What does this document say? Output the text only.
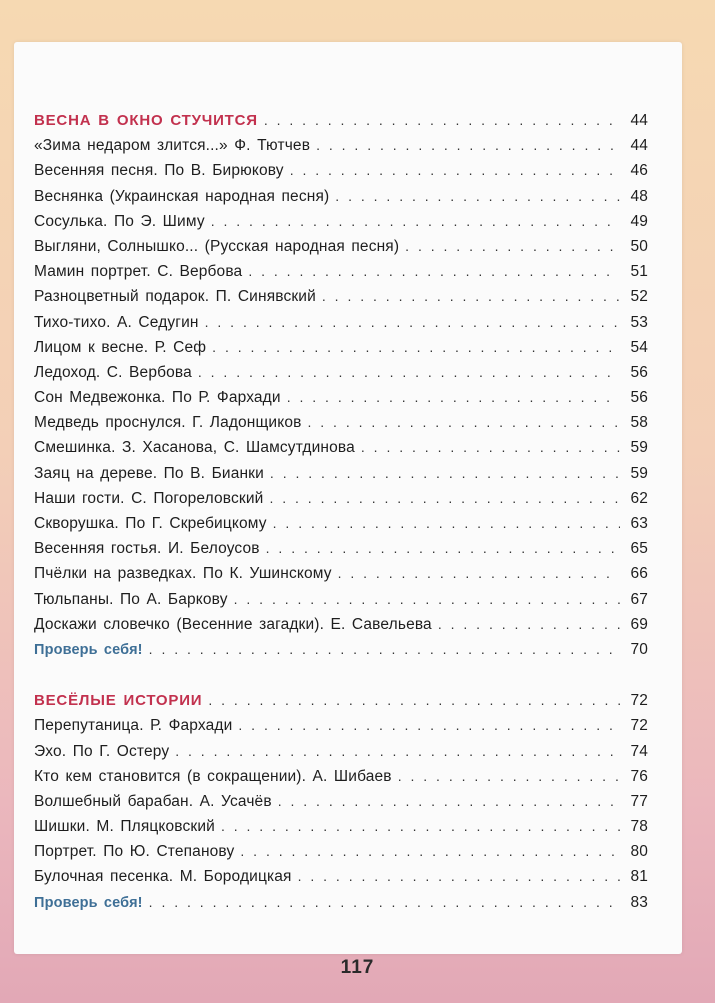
ВЕСНА В ОКНО СТУЧИТСЯ . . .	44
«Зима недаром злится...» Ф. Тютчев . . .	44
Весенняя песня. По В. Бирюкову . . .	46
Веснянка (Украинская народная песня) . . .	48
Сосулька. По Э. Шиму . . .	49
Выгляни, Солнышко... (Русская народная песня) . . .	50
Мамин портрет. С. Вербова . . .	51
Разноцветный подарок. П. Синявский . . .	52
Тихо-тихо. А. Седугин . . .	53
Лицом к весне. Р. Сеф . . .	54
Ледоход. С. Вербова . . .	56
Сон Медвежонка. По Р. Фархади . . .	56
Медведь проснулся. Г. Ладонщиков . . .	58
Смешинка. З. Хасанова, С. Шамсутдинова . . .	59
Заяц на дереве. По В. Бианки . . .	59
Наши гости. С. Погореловский . . .	62
Скворушка. По Г. Скребицкому . . .	63
Весенняя гостья. И. Белоусов . . .	65
Пчёлки на разведках. По К. Ушинскому . . .	66
Тюльпаны. По А. Баркову . . .	67
Доскажи словечко (Весенние загадки). Е. Савельева . . .	69
Проверь себя! . . .	70
ВЕСЁЛЫЕ ИСТОРИИ . . .	72
Перепутаница. Р. Фархади . . .	72
Эхо. По Г. Остеру . . .	74
Кто кем становится (в сокращении). А. Шибаев . . .	76
Волшебный барабан. А. Усачёв . . .	77
Шишки. М. Пляцковский . . .	78
Портрет. По Ю. Степанову . . .	80
Булочная песенка. М. Бородицкая . . .	81
Проверь себя! . . .	83
117
